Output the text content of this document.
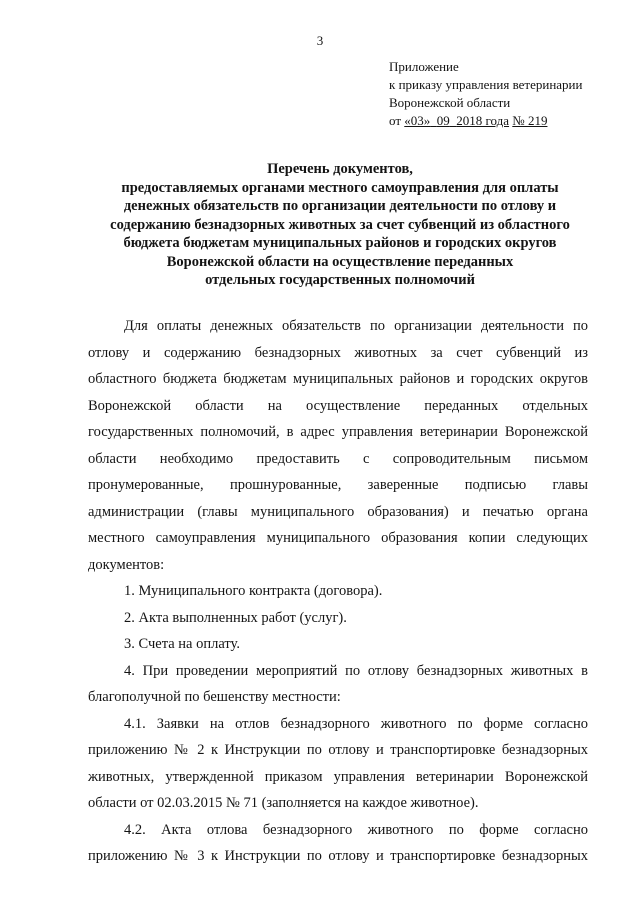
3
Приложение
к приказу управления ветеринарии
Воронежской области
от «03» 09 2018 года № 219
Перечень документов,
предоставляемых органами местного самоуправления для оплаты
денежных обязательств по организации деятельности по отлову и
содержанию безнадзорных животных за счет субвенций из областного
бюджета бюджетам муниципальных районов и городских округов
Воронежской области на осуществление переданных
отдельных государственных полномочий
Для оплаты денежных обязательств по организации деятельности по
отлову и содержанию безнадзорных животных за счет субвенций из
областного бюджета бюджетам муниципальных районов и городских округов
Воронежской области на осуществление переданных отдельных
государственных полномочий, в адрес управления ветеринарии Воронежской
области необходимо предоставить с сопроводительным письмом
пронумерованные, прошнурованные, заверенные подписью главы
администрации (главы муниципального образования) и печатью органа
местного самоуправления муниципального образования копии следующих
документов:
1. Муниципального контракта (договора).
2. Акта выполненных работ (услуг).
3. Счета на оплату.
4. При проведении мероприятий по отлову безнадзорных животных в
благополучной по бешенству местности:
4.1. Заявки на отлов безнадзорного животного по форме согласно
приложению № 2 к Инструкции по отлову и транспортировке безнадзорных
животных, утвержденной приказом управления ветеринарии Воронежской
области от 02.03.2015 № 71 (заполняется на каждое животное).
4.2. Акта отлова безнадзорного животного по форме согласно
приложению № 3 к Инструкции по отлову и транспортировке безнадзорных
